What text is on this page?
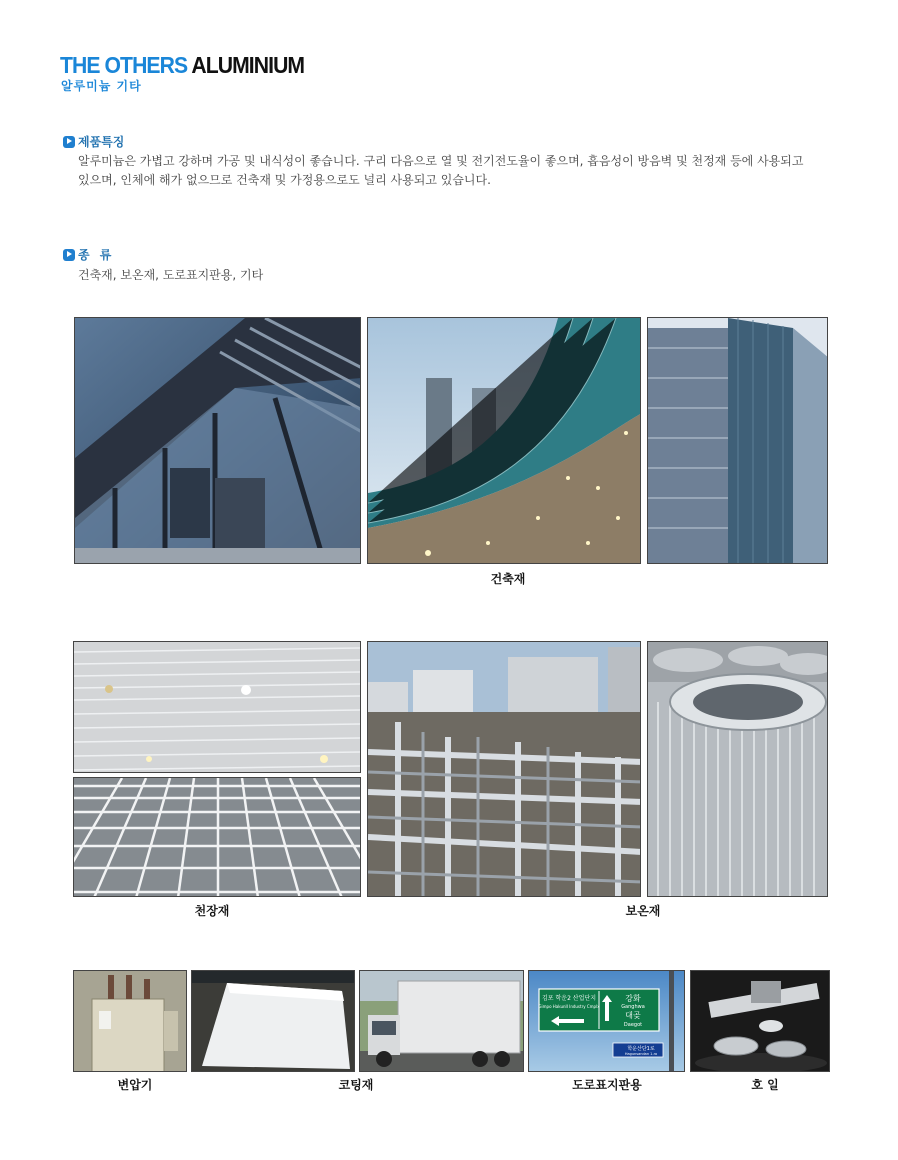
THE OTHERS ALUMINIUM
알루미늄 기타
제품특징
알루미늄은 가볍고 강하며 가공 및 내식성이 좋습니다. 구리 다음으로 열 및 전기전도율이 좋으며, 흡음성이 방음벽 및 천정재 등에 사용되고
있으며, 인체에 해가 없으므로 건축재 및 가정용으로도 널리 사용되고 있습니다.
종 류
건축재, 보온재, 도로표지판용, 기타
건축재
천장재	보온재
변압기	코팅재
김포 학운2 산업단지
Gimpo HakunII Industry Cmplx
강화
Ganghwa
대곶
Daegot
학운산단1로
Hagunsandan 1-ro
도로표지판용	호 일
